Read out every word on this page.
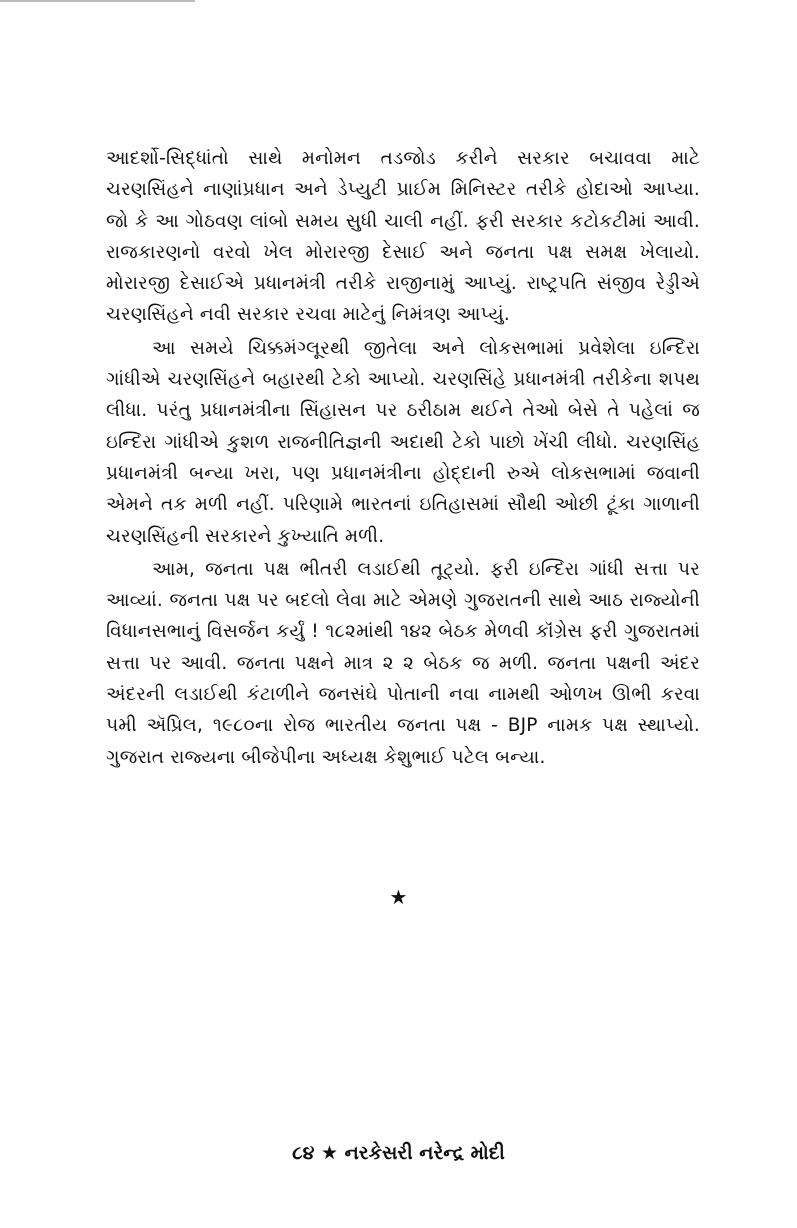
આદર્શો-સિદ્ધાંતો સાથે મનોમન તડજોડ કરીને સરકાર બચાવવા માટે ચરણસિંહને નાણાંપ્રધાન અને ડેપ્યુટી પ્રાઈમ મિનિસ્ટર તરીકે હોદાઓ આપ્યા. જો કે આ ગોઠવણ લાંબો સમય સુધી ચાલી નહીં. ફરી સરકાર કટોકટીમાં આવી. રાજકારણનો વરવો ખેલ મોરારજી દેસાઈ અને જનતા પક્ષ સમક્ષ ખેલાયો. મોરારજી દેસાઈએ પ્રધાનમંત્રી તરીકે રાજીનામું આપ્યું. રાષ્ટ્રપતિ સંજીવ રેડ્ડીએ ચરણસિંહને નવી સરકાર રચવા માટેનું નિમંત્રણ આપ્યું.

આ સમયે ચિક્કમંગ્લૂરથી જીતેલા અને લોકસભામાં પ્રવેશેલા ઇન્દિરા ગાંધીએ ચરણસિંહને બહારથી ટેકો આપ્યો. ચરણસિંહે પ્રધાનમંત્રી તરીકેના શપથ લીધા. પરંતુ પ્રધાનમંત્રીના સિંહાસન પર ઠરીઠામ થઈને તેઓ બેસે તે પહેલાં જ ઇન્દિરા ગાંધીએ કુશળ રાજનીતિજ્ઞની અદાથી ટેકો પાછો ખેંચી લીધો. ચરણસિંહ પ્રધાનમંત્રી બન્યા ખરા, પણ પ્રધાનમંત્રીના હોદ્દાની રુએ લોકસભામાં જવાની એમને તક મળી નહીં. પરિણામે ભારતનાં ઇતિહાસમાં સૌથી ઓછી ટૂંકા ગાળાની ચરણસિંહની સરકારને કુખ્યાતિ મળી.

આમ, જનતા પક્ષ ભીતરી લડાઈથી તૂટ્યો. ફરી ઇન્દિરા ગાંધી સત્તા પર આવ્યાં. જનતા પક્ષ પર બદલો લેવા માટે એમણે ગુજરાતની સાથે આઠ રાજ્યોની વિધાનસભાનું વિસર્જન કર્યું ! ૧૮૨માંથી ૧૪૨ બેઠક મેળવી કૉંગ્રેસ ફરી ગુજરાતમાં સત્તા પર આવી. જનતા પક્ષને માત્ર ૨ ૨ બેઠક જ મળી. જનતા પક્ષની અંદર અંદરની લડાઈથી કંટાળીને જનસંઘે પોતાની નવા નામથી ઓળખ ઊભી કરવા ૫મી ઍપ્રિલ, ૧૯૮૦ના રોજ ભારતીય જનતા પક્ષ - BJP નામક પક્ષ સ્થાપ્યો. ગુજરાત રાજ્યના બીજેપીના અધ્યક્ષ કેશુભાઈ પટેલ બન્યા.

★
૮૪ ★ નરકેસરી નરેન્દ્ર મોદી
